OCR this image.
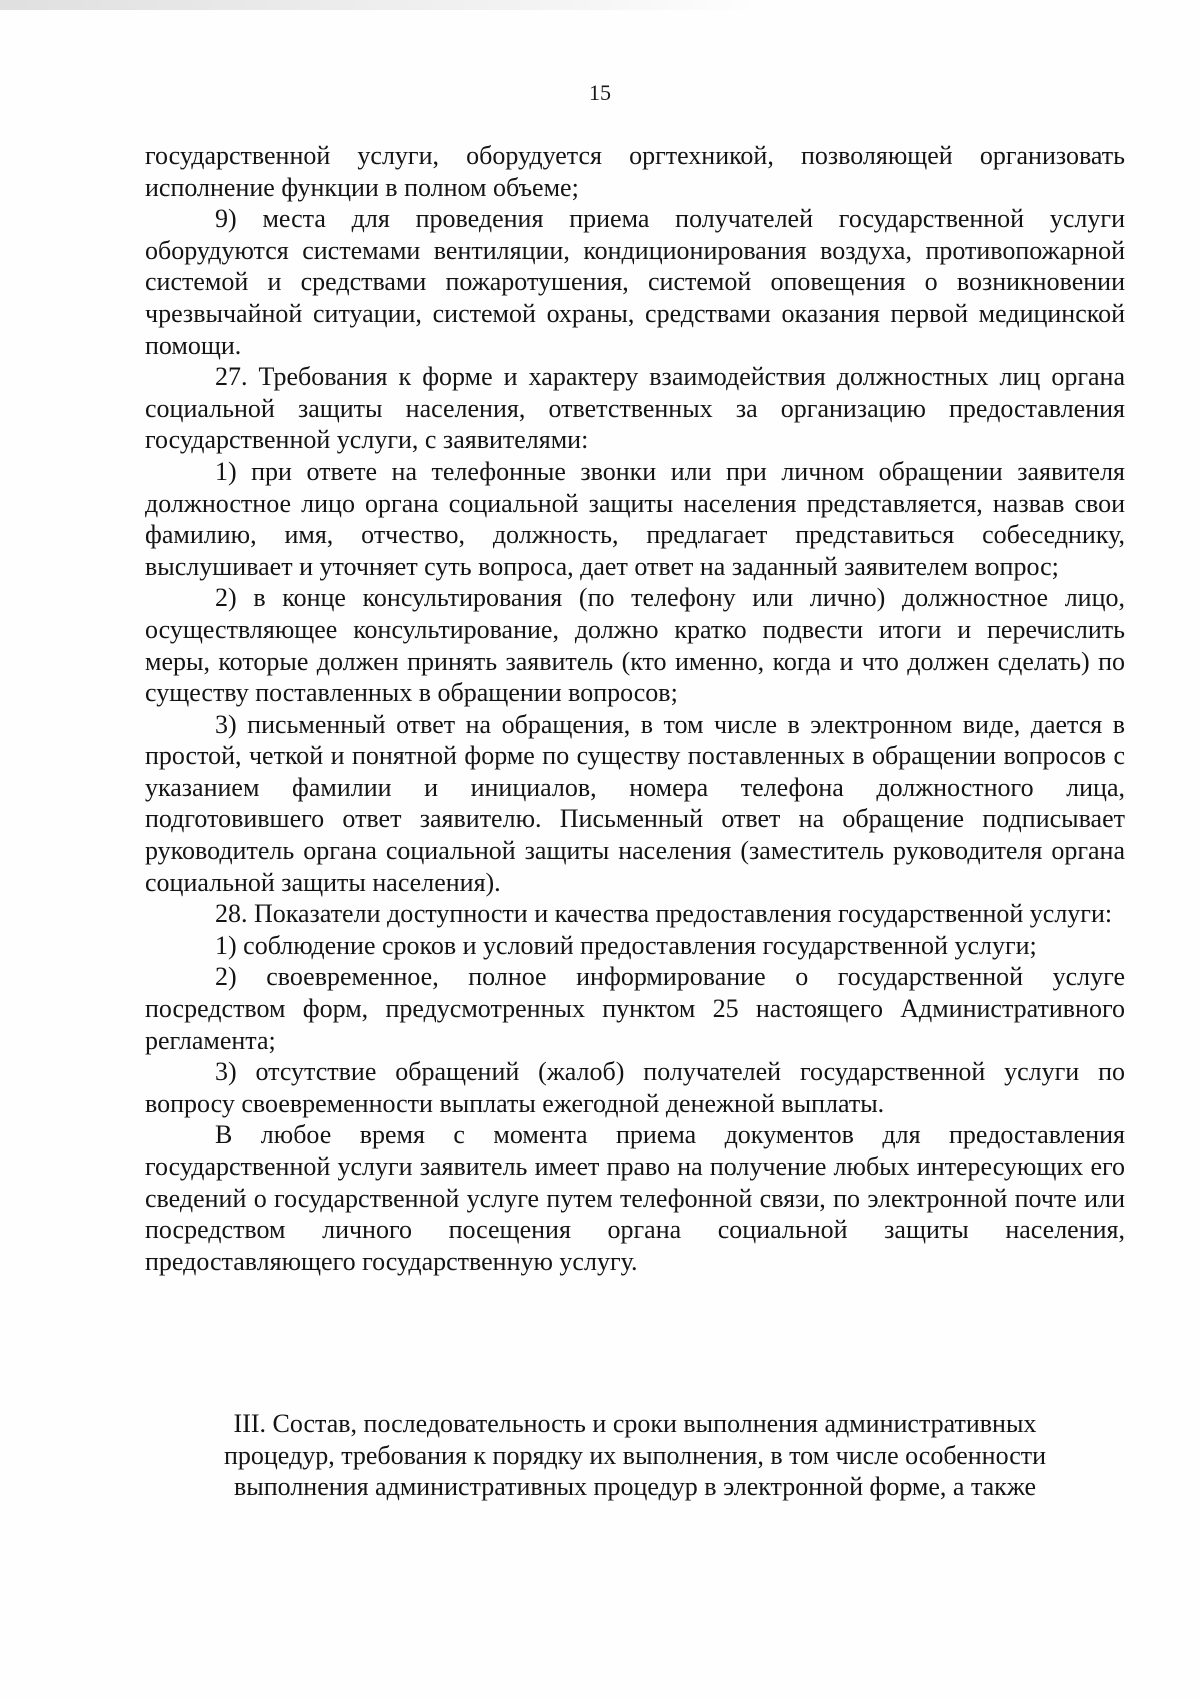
15

государственной услуги, оборудуется оргтехникой, позволяющей организовать исполнение функции в полном объеме;

9) места для проведения приема получателей государственной услуги оборудуются системами вентиляции, кондиционирования воздуха, противопожарной системой и средствами пожаротушения, системой оповещения о возникновении чрезвычайной ситуации, системой охраны, средствами оказания первой медицинской помощи.

27. Требования к форме и характеру взаимодействия должностных лиц органа социальной защиты населения, ответственных за организацию предоставления государственной услуги, с заявителями:

1) при ответе на телефонные звонки или при личном обращении заявителя должностное лицо органа социальной защиты населения представляется, назвав свои фамилию, имя, отчество, должность, предлагает представиться собеседнику, выслушивает и уточняет суть вопроса, дает ответ на заданный заявителем вопрос;

2) в конце консультирования (по телефону или лично) должностное лицо, осуществляющее консультирование, должно кратко подвести итоги и перечислить меры, которые должен принять заявитель (кто именно, когда и что должен сделать) по существу поставленных в обращении вопросов;

3) письменный ответ на обращения, в том числе в электронном виде, дается в простой, четкой и понятной форме по существу поставленных в обращении вопросов с указанием фамилии и инициалов, номера телефона должностного лица, подготовившего ответ заявителю. Письменный ответ на обращение подписывает руководитель органа социальной защиты населения (заместитель руководителя органа социальной защиты населения).

28. Показатели доступности и качества предоставления государственной услуги:

1) соблюдение сроков и условий предоставления государственной услуги;

2) своевременное, полное информирование о государственной услуге посредством форм, предусмотренных пунктом 25 настоящего Административного регламента;

3) отсутствие обращений (жалоб) получателей государственной услуги по вопросу своевременности выплаты ежегодной денежной выплаты.

В любое время с момента приема документов для предоставления государственной услуги заявитель имеет право на получение любых интересующих его сведений о государственной услуге путем телефонной связи, по электронной почте или посредством личного посещения органа социальной защиты населения, предоставляющего государственную услугу.

III. Состав, последовательность и сроки выполнения административных

процедур, требования к порядку их выполнения, в том числе особенности

выполнения административных процедур в электронной форме, а также
